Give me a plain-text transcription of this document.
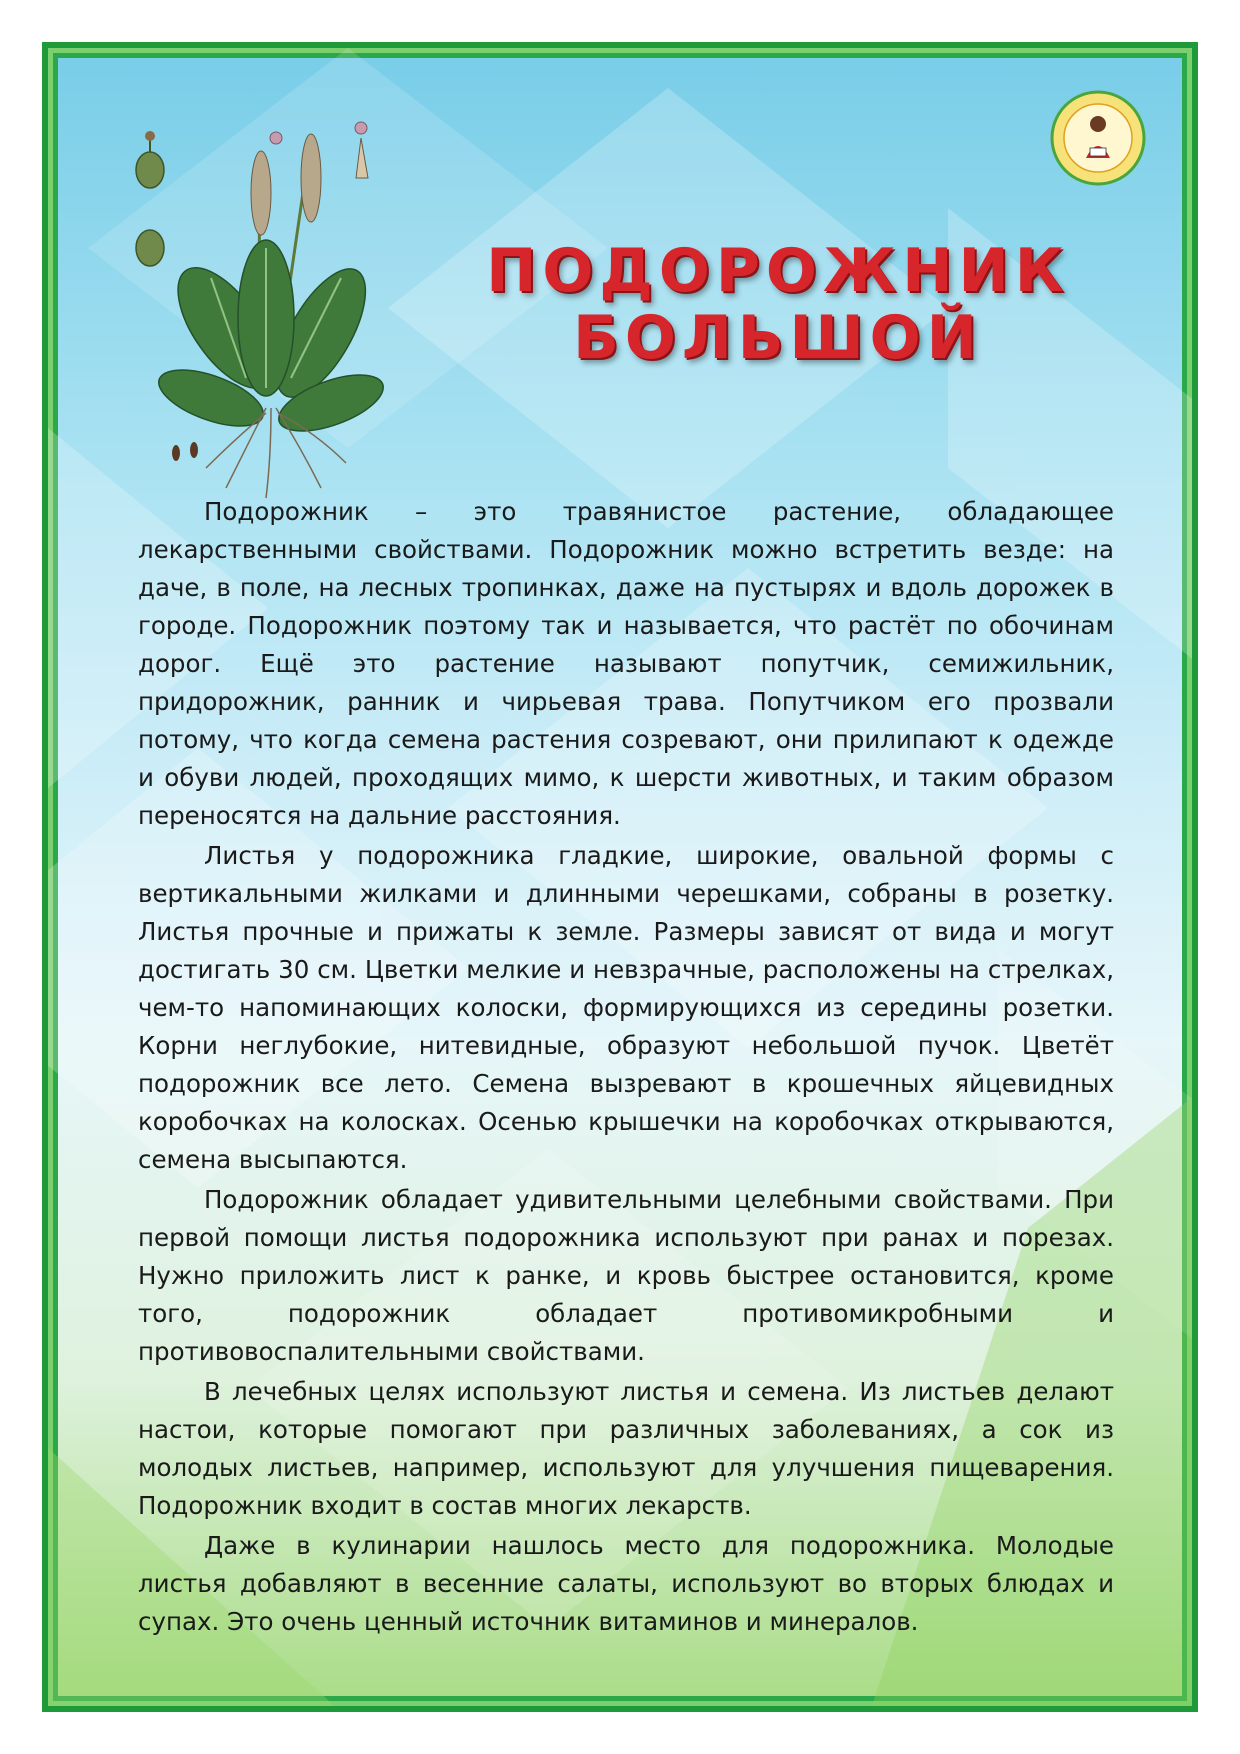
ПОДОРОЖНИК
БОЛЬШОЙ

Подорожник – это травянистое растение, обладающее лекарственными свойствами. Подорожник можно встретить везде: на даче, в поле, на лесных тропинках, даже на пустырях и вдоль дорожек в городе. Подорожник поэтому так и называется, что растёт по обочинам дорог. Ещё это растение называют попутчик, семижильник, придорожник, ранник и чирьевая трава. Попутчиком его прозвали потому, что когда семена растения созревают, они прилипают к одежде и обуви людей, проходящих мимо, к шерсти животных, и таким образом переносятся на дальние расстояния.

Листья у подорожника гладкие, широкие, овальной формы с вертикальными жилками и длинными черешками, собраны в розетку. Листья прочные и прижаты к земле. Размеры зависят от вида и могут достигать 30 см. Цветки мелкие и невзрачные, расположены на стрелках, чем-то напоминающих колоски, формирующихся из середины розетки. Корни неглубокие, нитевидные, образуют небольшой пучок. Цветёт подорожник все лето. Семена вызревают в крошечных яйцевидных коробочках на колосках. Осенью крышечки на коробочках открываются, семена высыпаются.

Подорожник обладает удивительными целебными свойствами. При первой помощи листья подорожника используют при ранах и порезах. Нужно приложить лист к ранке, и кровь быстрее остановится, кроме того, подорожник обладает противомикробными и противовоспалительными свойствами.

В лечебных целях используют листья и семена. Из листьев делают настои, которые помогают при различных заболеваниях, а сок из молодых листьев, например, используют для улучшения пищеварения. Подорожник входит в состав многих лекарств.

Даже в кулинарии нашлось место для подорожника. Молодые листья добавляют в весенние салаты, используют во вторых блюдах и супах. Это очень ценный источник витаминов и минералов.
